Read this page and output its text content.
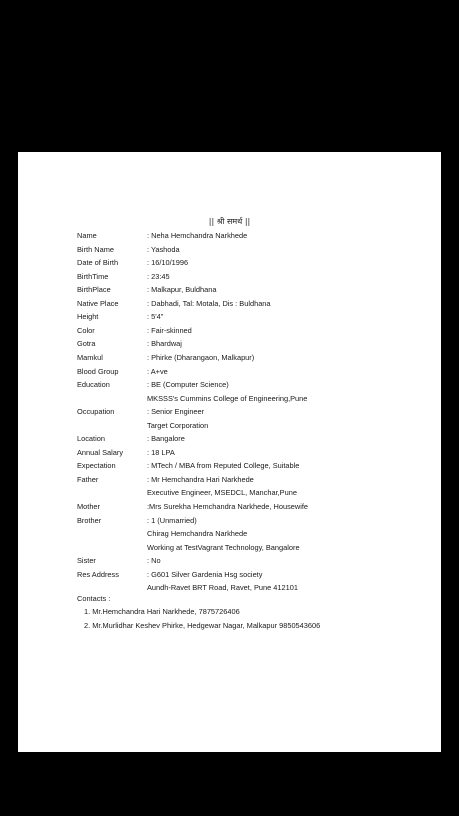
|| श्री समर्थ ||
Name	: Neha Hemchandra Narkhede
Birth Name	: Yashoda
Date of Birth	: 16/10/1996
BirthTime	: 23:45
BirthPlace	: Malkapur, Buldhana
Native Place	: Dabhadi, Tal: Motala, Dis : Buldhana
Height	: 5'4"
Color	: Fair-skinned
Gotra	: Bhardwaj
Mamkul	: Phirke (Dharangaon, Malkapur)
Blood Group	: A+ve
Education	: BE (Computer Science)
MKSSS's Cummins College of Engineering,Pune
Occupation	: Senior Engineer
Target Corporation
Location	: Bangalore
Annual Salary	: 18 LPA
Expectation	: MTech / MBA from Reputed College, Suitable
Father	: Mr Hemchandra Hari Narkhede
Executive Engineer, MSEDCL, Manchar,Pune
Mother	:Mrs Surekha Hemchandra Narkhede, Housewife
Brother	: 1 (Unmarried)
Chirag Hemchandra Narkhede
Working at TestVagrant Technology, Bangalore
Sister	: No
Res Address	: G601 Silver Gardenia Hsg society
Aundh-Ravet BRT Road, Ravet, Pune 412101
Contacts :
1. Mr.Hemchandra Hari Narkhede, 7875726406
2. Mr.Murlidhar Keshev Phirke, Hedgewar Nagar, Malkapur 9850543606
